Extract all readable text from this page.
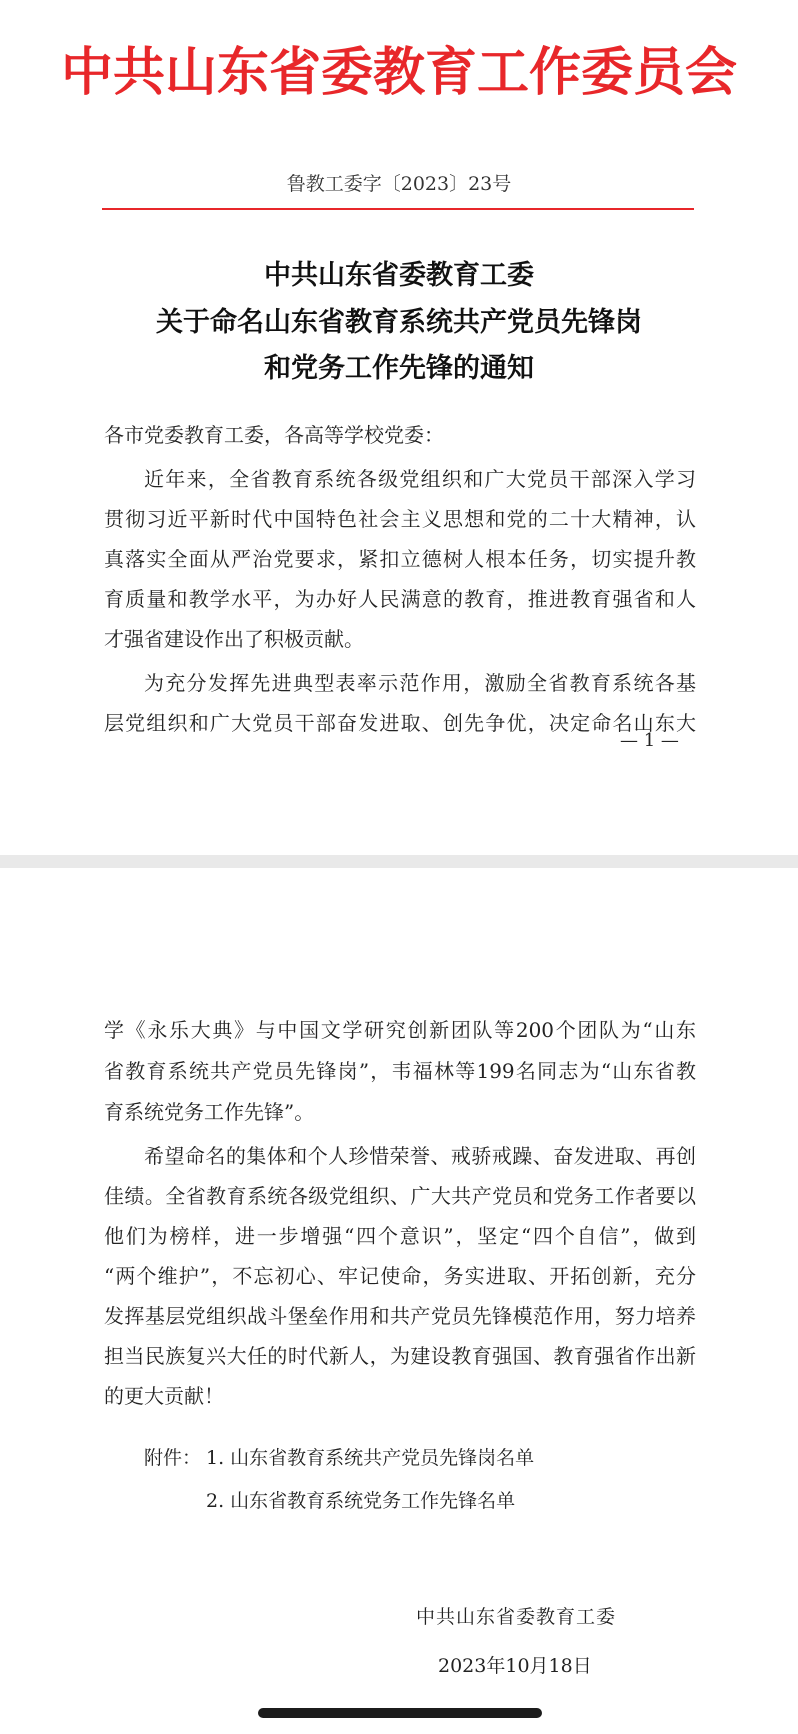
中共山东省委教育工作委员会
鲁教工委字〔2023〕23号
中共山东省委教育工委
关于命名山东省教育系统共产党员先锋岗
和党务工作先锋的通知
各市党委教育工委，各高等学校党委：
近年来，全省教育系统各级党组织和广大党员干部深入学习
贯彻习近平新时代中国特色社会主义思想和党的二十大精神，认
真落实全面从严治党要求，紧扣立德树人根本任务，切实提升教
育质量和教学水平，为办好人民满意的教育，推进教育强省和人
才强省建设作出了积极贡献。
为充分发挥先进典型表率示范作用，激励全省教育系统各基
层党组织和广大党员干部奋发进取、创先争优，决定命名山东大
— 1 —
学《永乐大典》与中国文学研究创新团队等200个团队为“山东
省教育系统共产党员先锋岗”，韦福林等199名同志为“山东省教
育系统党务工作先锋”。
希望命名的集体和个人珍惜荣誉、戒骄戒躁、奋发进取、再创
佳绩。全省教育系统各级党组织、广大共产党员和党务工作者要以
他们为榜样，进一步增强“四个意识”，坚定“四个自信”，做到
“两个维护”，不忘初心、牢记使命，务实进取、开拓创新，充分
发挥基层党组织战斗堡垒作用和共产党员先锋模范作用，努力培养
担当民族复兴大任的时代新人，为建设教育强国、教育强省作出新
的更大贡献！
附件： 1. 山东省教育系统共产党员先锋岗名单
2. 山东省教育系统党务工作先锋名单
中共山东省委教育工委
2023年10月18日
